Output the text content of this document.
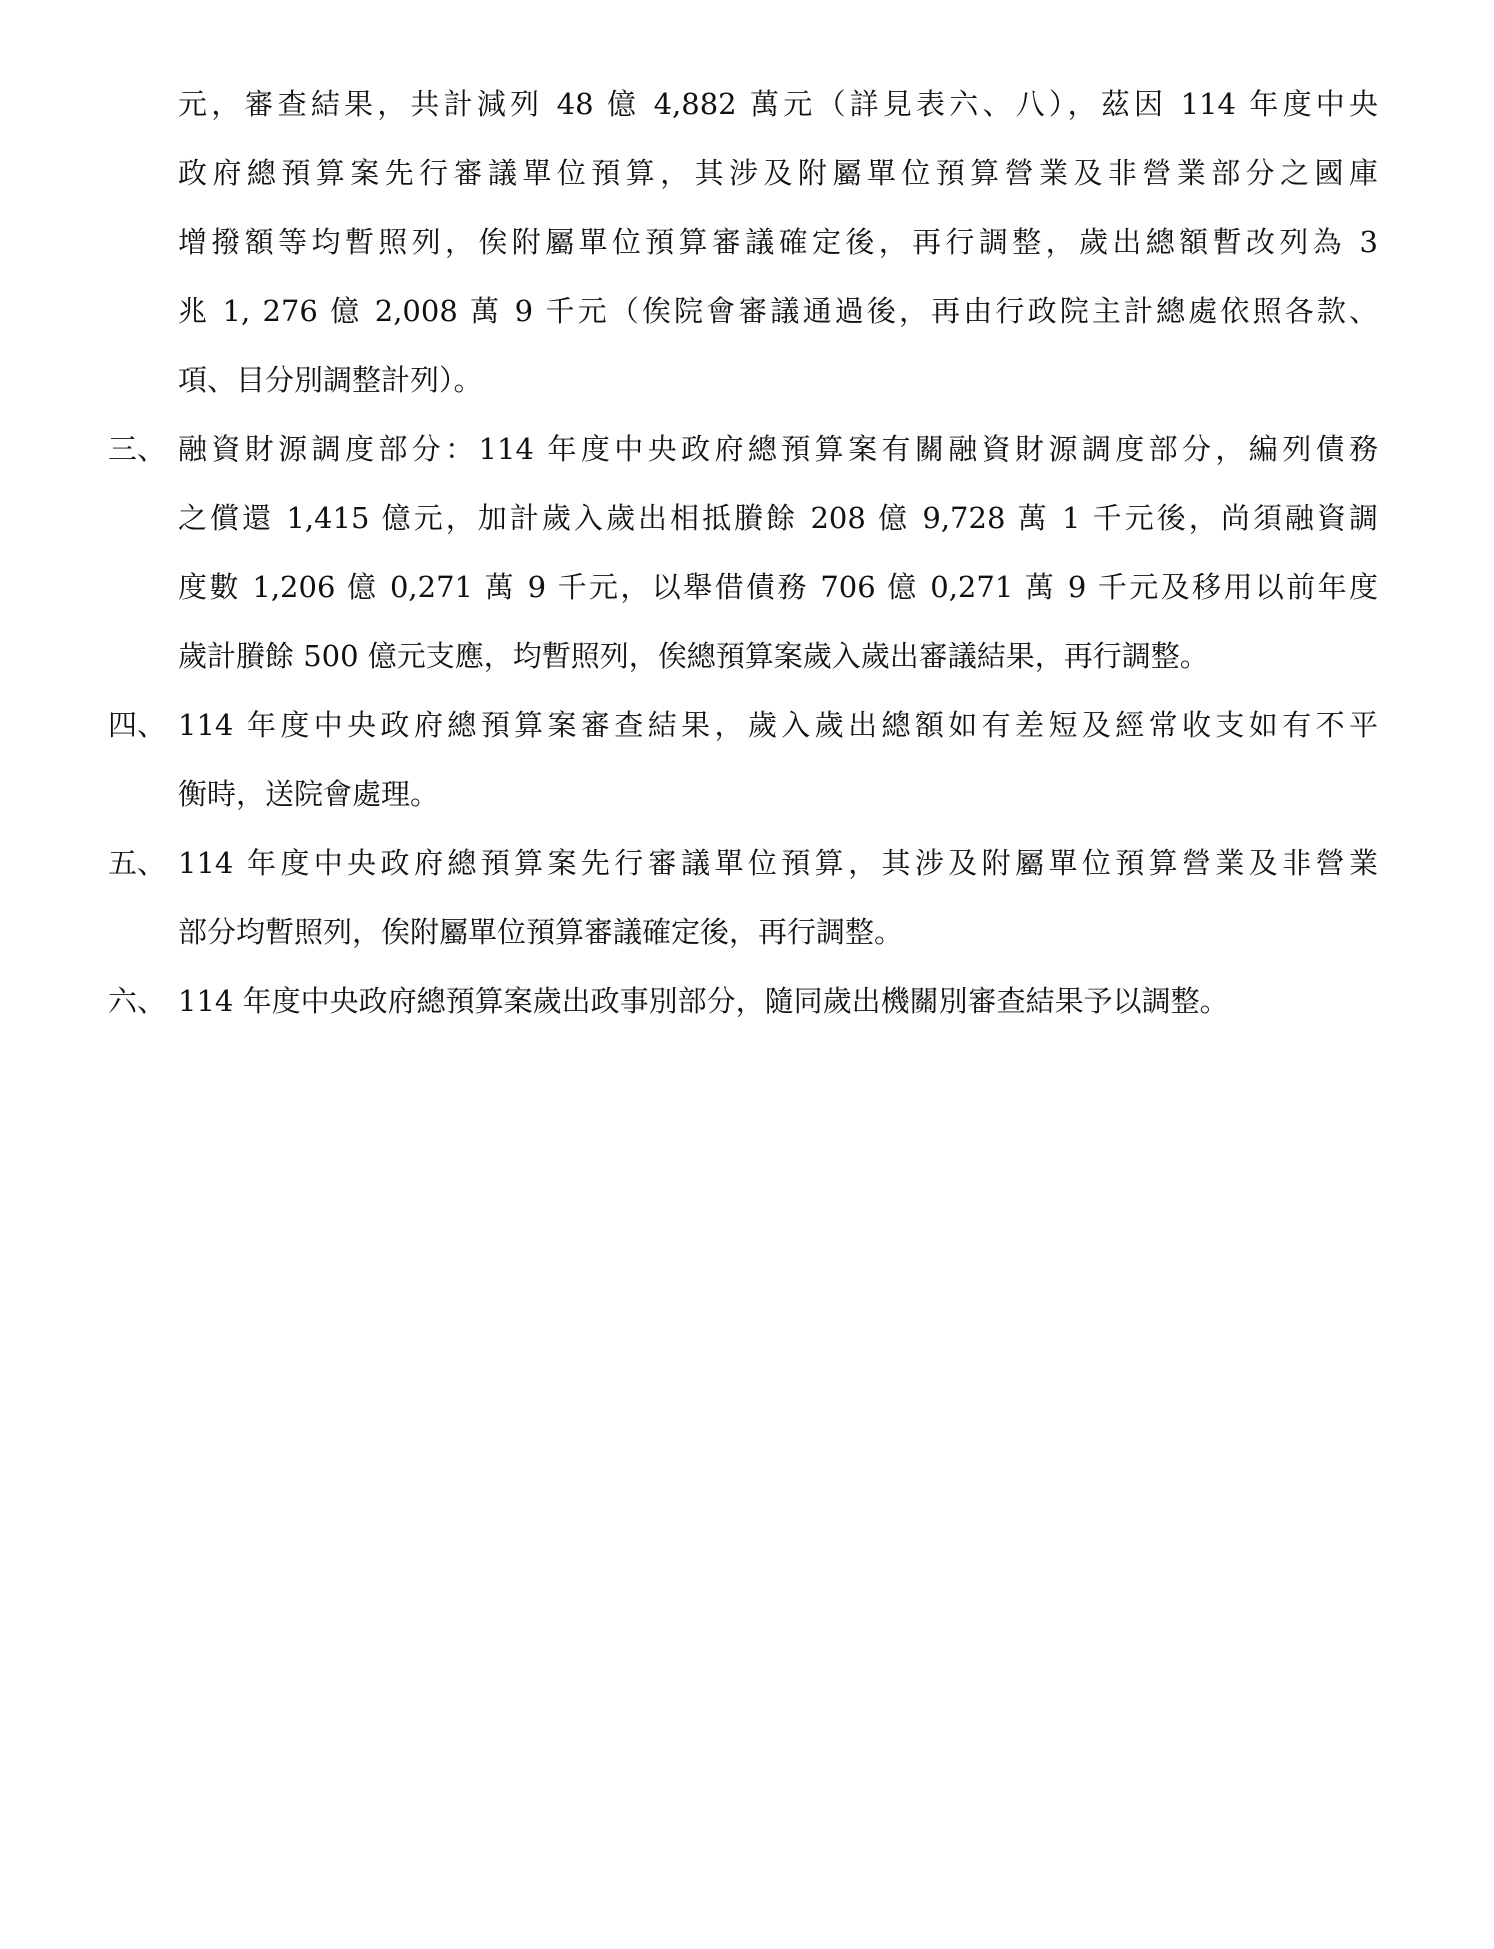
元，審查結果，共計減列 48 億 4,882 萬元（詳見表六、八），茲因 114 年度中央
政府總預算案先行審議單位預算，其涉及附屬單位預算營業及非營業部分之國庫
增撥額等均暫照列，俟附屬單位預算審議確定後，再行調整，歲出總額暫改列為 3
兆 1, 276 億 2,008 萬 9 千元（俟院會審議通過後，再由行政院主計總處依照各款、
項、目分別調整計列）。
三、 融資財源調度部分：114 年度中央政府總預算案有關融資財源調度部分，編列債務
之償還 1,415 億元，加計歲入歲出相抵賸餘 208 億 9,728 萬 1 千元後，尚須融資調
度數 1,206 億 0,271 萬 9 千元，以舉借債務 706 億 0,271 萬 9 千元及移用以前年度
歲計賸餘 500 億元支應，均暫照列，俟總預算案歲入歲出審議結果，再行調整。
四、 114 年度中央政府總預算案審查結果，歲入歲出總額如有差短及經常收支如有不平
衡時，送院會處理。
五、 114 年度中央政府總預算案先行審議單位預算，其涉及附屬單位預算營業及非營業
部分均暫照列，俟附屬單位預算審議確定後，再行調整。
六、 114 年度中央政府總預算案歲出政事別部分，隨同歲出機關別審查結果予以調整。
